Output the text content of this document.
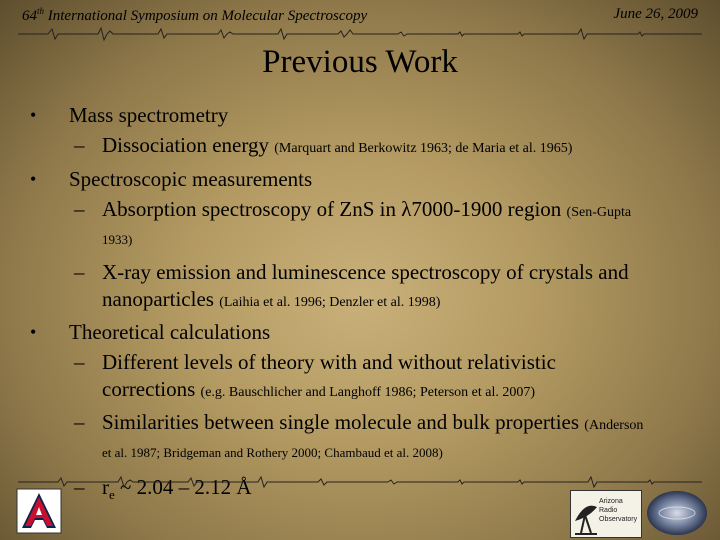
64th International Symposium on Molecular Spectroscopy	June 26, 2009
Previous Work
• Mass spectrometry
– Dissociation energy (Marquart and Berkowitz 1963; de Maria et al. 1965)
• Spectroscopic measurements
– Absorption spectroscopy of ZnS in λ7000-1900 region (Sen-Gupta
1933)
– X-ray emission and luminescence spectroscopy of crystals and
nanoparticles (Laihia et al. 1996; Denzler et al. 1998)
• Theoretical calculations
– Different levels of theory with and without relativistic
corrections (e.g. Bauschlicher and Langhoff 1986; Peterson et al. 2007)
– Similarities between single molecule and bulk properties (Anderson
et al. 1987; Bridgeman and Rothery 2000; Chambaud et al. 2008)
– $r_e$ ~ 2.04 – 2.12 Å
Arizona
Radio
Observatory
